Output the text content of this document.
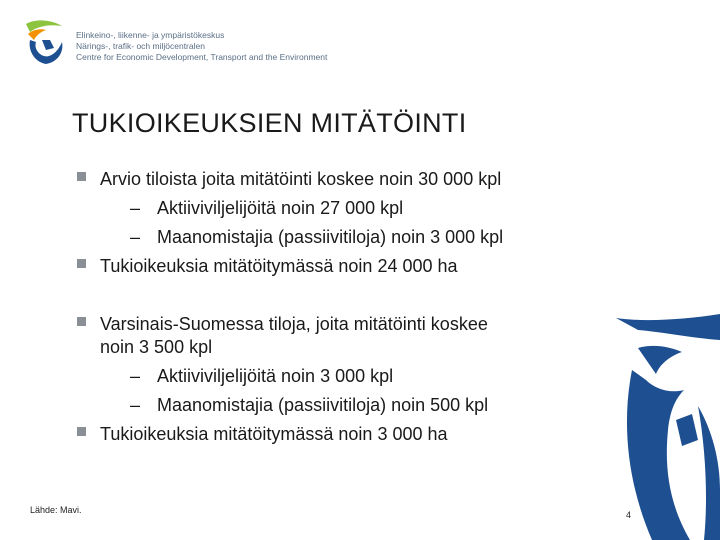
Elinkeino-, liikenne- ja ympäristökeskus
Närings-, trafik- och miljöcentralen
Centre for Economic Development, Transport and the Environment
TUKIOIKEUKSIEN MITÄTÖINTI
Arvio tiloista joita mitätöinti koskee noin 30 000 kpl
– Aktiiviviljelijöitä noin 27 000 kpl
– Maanomistajia (passiivitiloja) noin 3 000 kpl
Tukioikeuksia mitätöitymässä noin 24 000 ha
Varsinais-Suomessa tiloja, joita mitätöinti koskee
noin 3 500 kpl
– Aktiiviviljelijöitä noin 3 000 kpl
– Maanomistajia (passiivitiloja) noin 500 kpl
Tukioikeuksia mitätöitymässä noin 3 000 ha
Lähde: Mavi.	4
